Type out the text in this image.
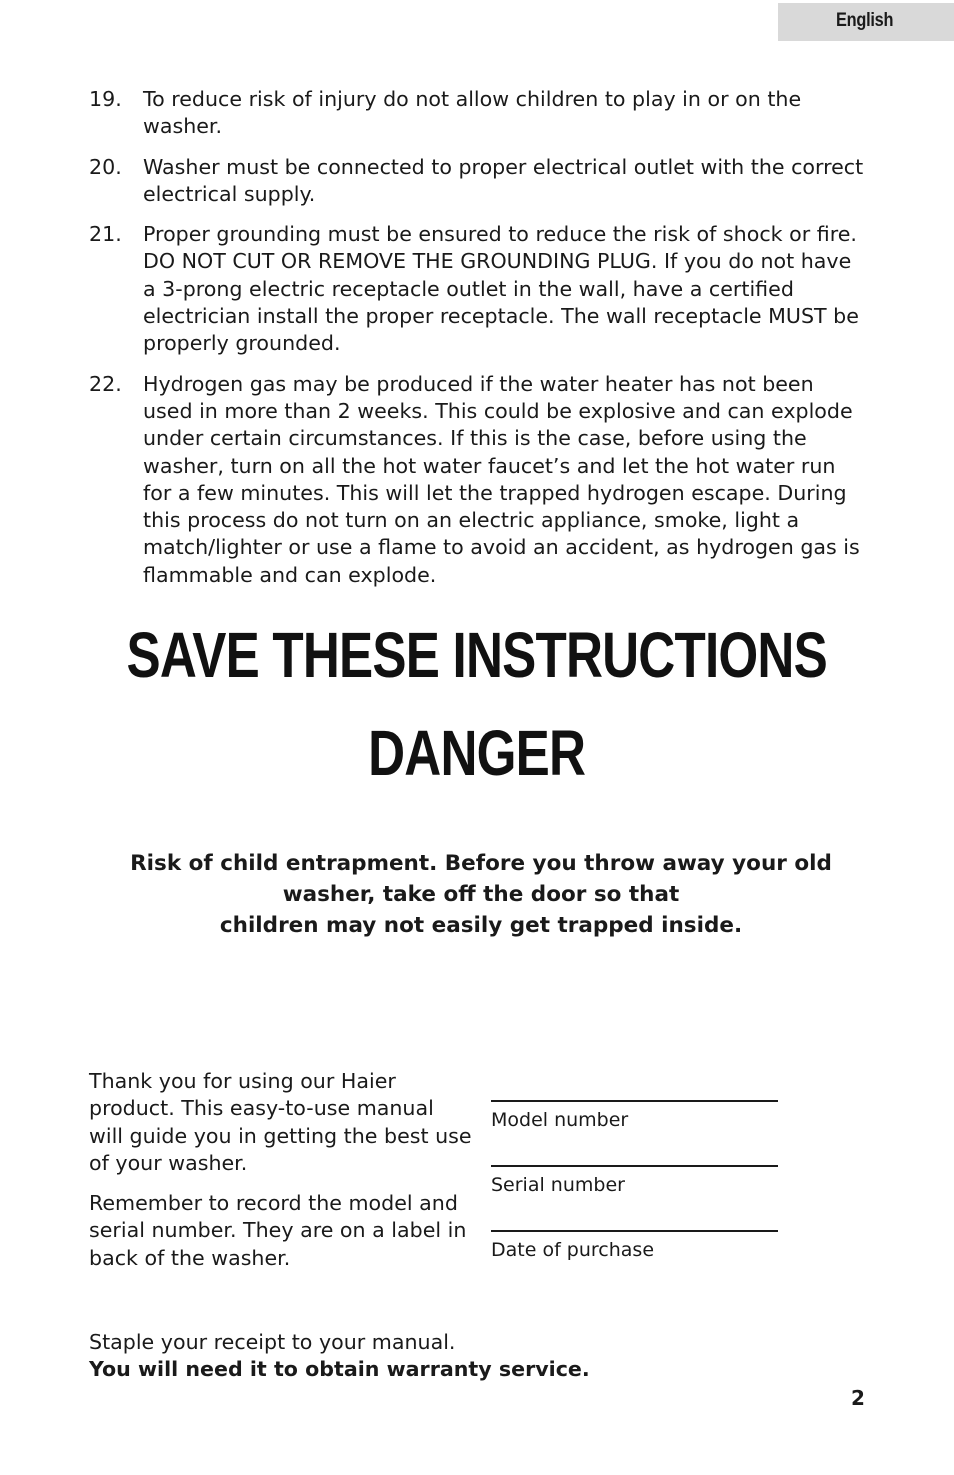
English
19.	To reduce risk of injury do not allow children to play in or on the washer.
20.	Washer must be connected to proper electrical outlet with the correct electrical supply.
21.	Proper grounding must be ensured to reduce the risk of shock or fire. DO NOT CUT OR REMOVE THE GROUNDING PLUG. If you do not have a 3-prong electric receptacle outlet in the wall, have a certified electrician install the proper receptacle. The wall receptacle MUST be properly grounded.
22.	Hydrogen gas may be produced if the water heater has not been used in more than 2 weeks. This could be explosive and can explode under certain circumstances. If this is the case, before using the washer, turn on all the hot water faucet’s and let the hot water run for a few minutes. This will let the trapped hydrogen escape. During this process do not turn on an electric appliance, smoke, light a match/lighter or use a flame to avoid an accident, as hydrogen gas is flammable and can explode.
SAVE THESE INSTRUCTIONS
DANGER
Risk of child entrapment. Before you throw away your old
washer, take off the door so that
children may not easily get trapped inside.

Thank you for using our Haier product. This easy-to-use manual will guide you in getting the best use of your washer.

Remember to record the model and serial number. They are on a label in back of the washer.

Model number
Serial number
Date of purchase
Staple your receipt to your manual.
You will need it to obtain warranty service.
2
